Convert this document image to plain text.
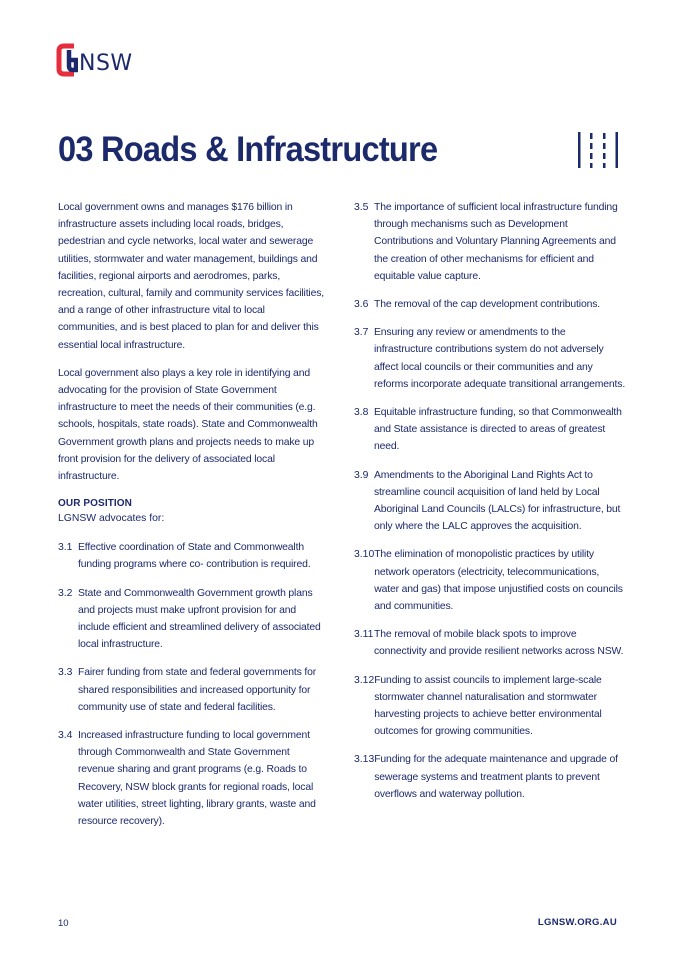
NSW
03 Roads & Infrastructure

Local government owns and manages $176 billion in infrastructure assets including local roads, bridges, pedestrian and cycle networks, local water and sewerage utilities, stormwater and water management, buildings and facilities, regional airports and aerodromes, parks, recreation, cultural, family and community services facilities, and a range of other infrastructure vital to local communities, and is best placed to plan for and deliver this essential local infrastructure.

Local government also plays a key role in identifying and advocating for the provision of State Government infrastructure to meet the needs of their communities (e.g. schools, hospitals, state roads). State and Commonwealth Government growth plans and projects needs to make up front provision for the delivery of associated local infrastructure.

OUR POSITION

LGNSW advocates for:

3.1 Effective coordination of State and Commonwealth funding programs where co- contribution is required.
3.2 State and Commonwealth Government growth plans and projects must make upfront provision for and include efficient and streamlined delivery of associated local infrastructure.
3.3 Fairer funding from state and federal governments for shared responsibilities and increased opportunity for community use of state and federal facilities.
3.4 Increased infrastructure funding to local government through Commonwealth and State Government revenue sharing and grant programs (e.g. Roads to Recovery, NSW block grants for regional roads, local water utilities, street lighting, library grants, waste and resource recovery).
3.5 The importance of sufficient local infrastructure funding through mechanisms such as Development Contributions and Voluntary Planning Agreements and the creation of other mechanisms for efficient and equitable value capture.
3.6 The removal of the cap development contributions.
3.7 Ensuring any review or amendments to the infrastructure contributions system do not adversely affect local councils or their communities and any reforms incorporate adequate transitional arrangements.
3.8 Equitable infrastructure funding, so that Commonwealth and State assistance is directed to areas of greatest need.
3.9 Amendments to the Aboriginal Land Rights Act to streamline council acquisition of land held by Local Aboriginal Land Councils (LALCs) for infrastructure, but only where the LALC approves the acquisition.
3.10 The elimination of monopolistic practices by utility network operators (electricity, telecommunications, water and gas) that impose unjustified costs on councils and communities.
3.11 The removal of mobile black spots to improve connectivity and provide resilient networks across NSW.
3.12 Funding to assist councils to implement large-scale stormwater channel naturalisation and stormwater harvesting projects to achieve better environmental outcomes for growing communities.
3.13 Funding for the adequate maintenance and upgrade of sewerage systems and treatment plants to prevent overflows and waterway pollution.
10	LGNSW.ORG.AU
